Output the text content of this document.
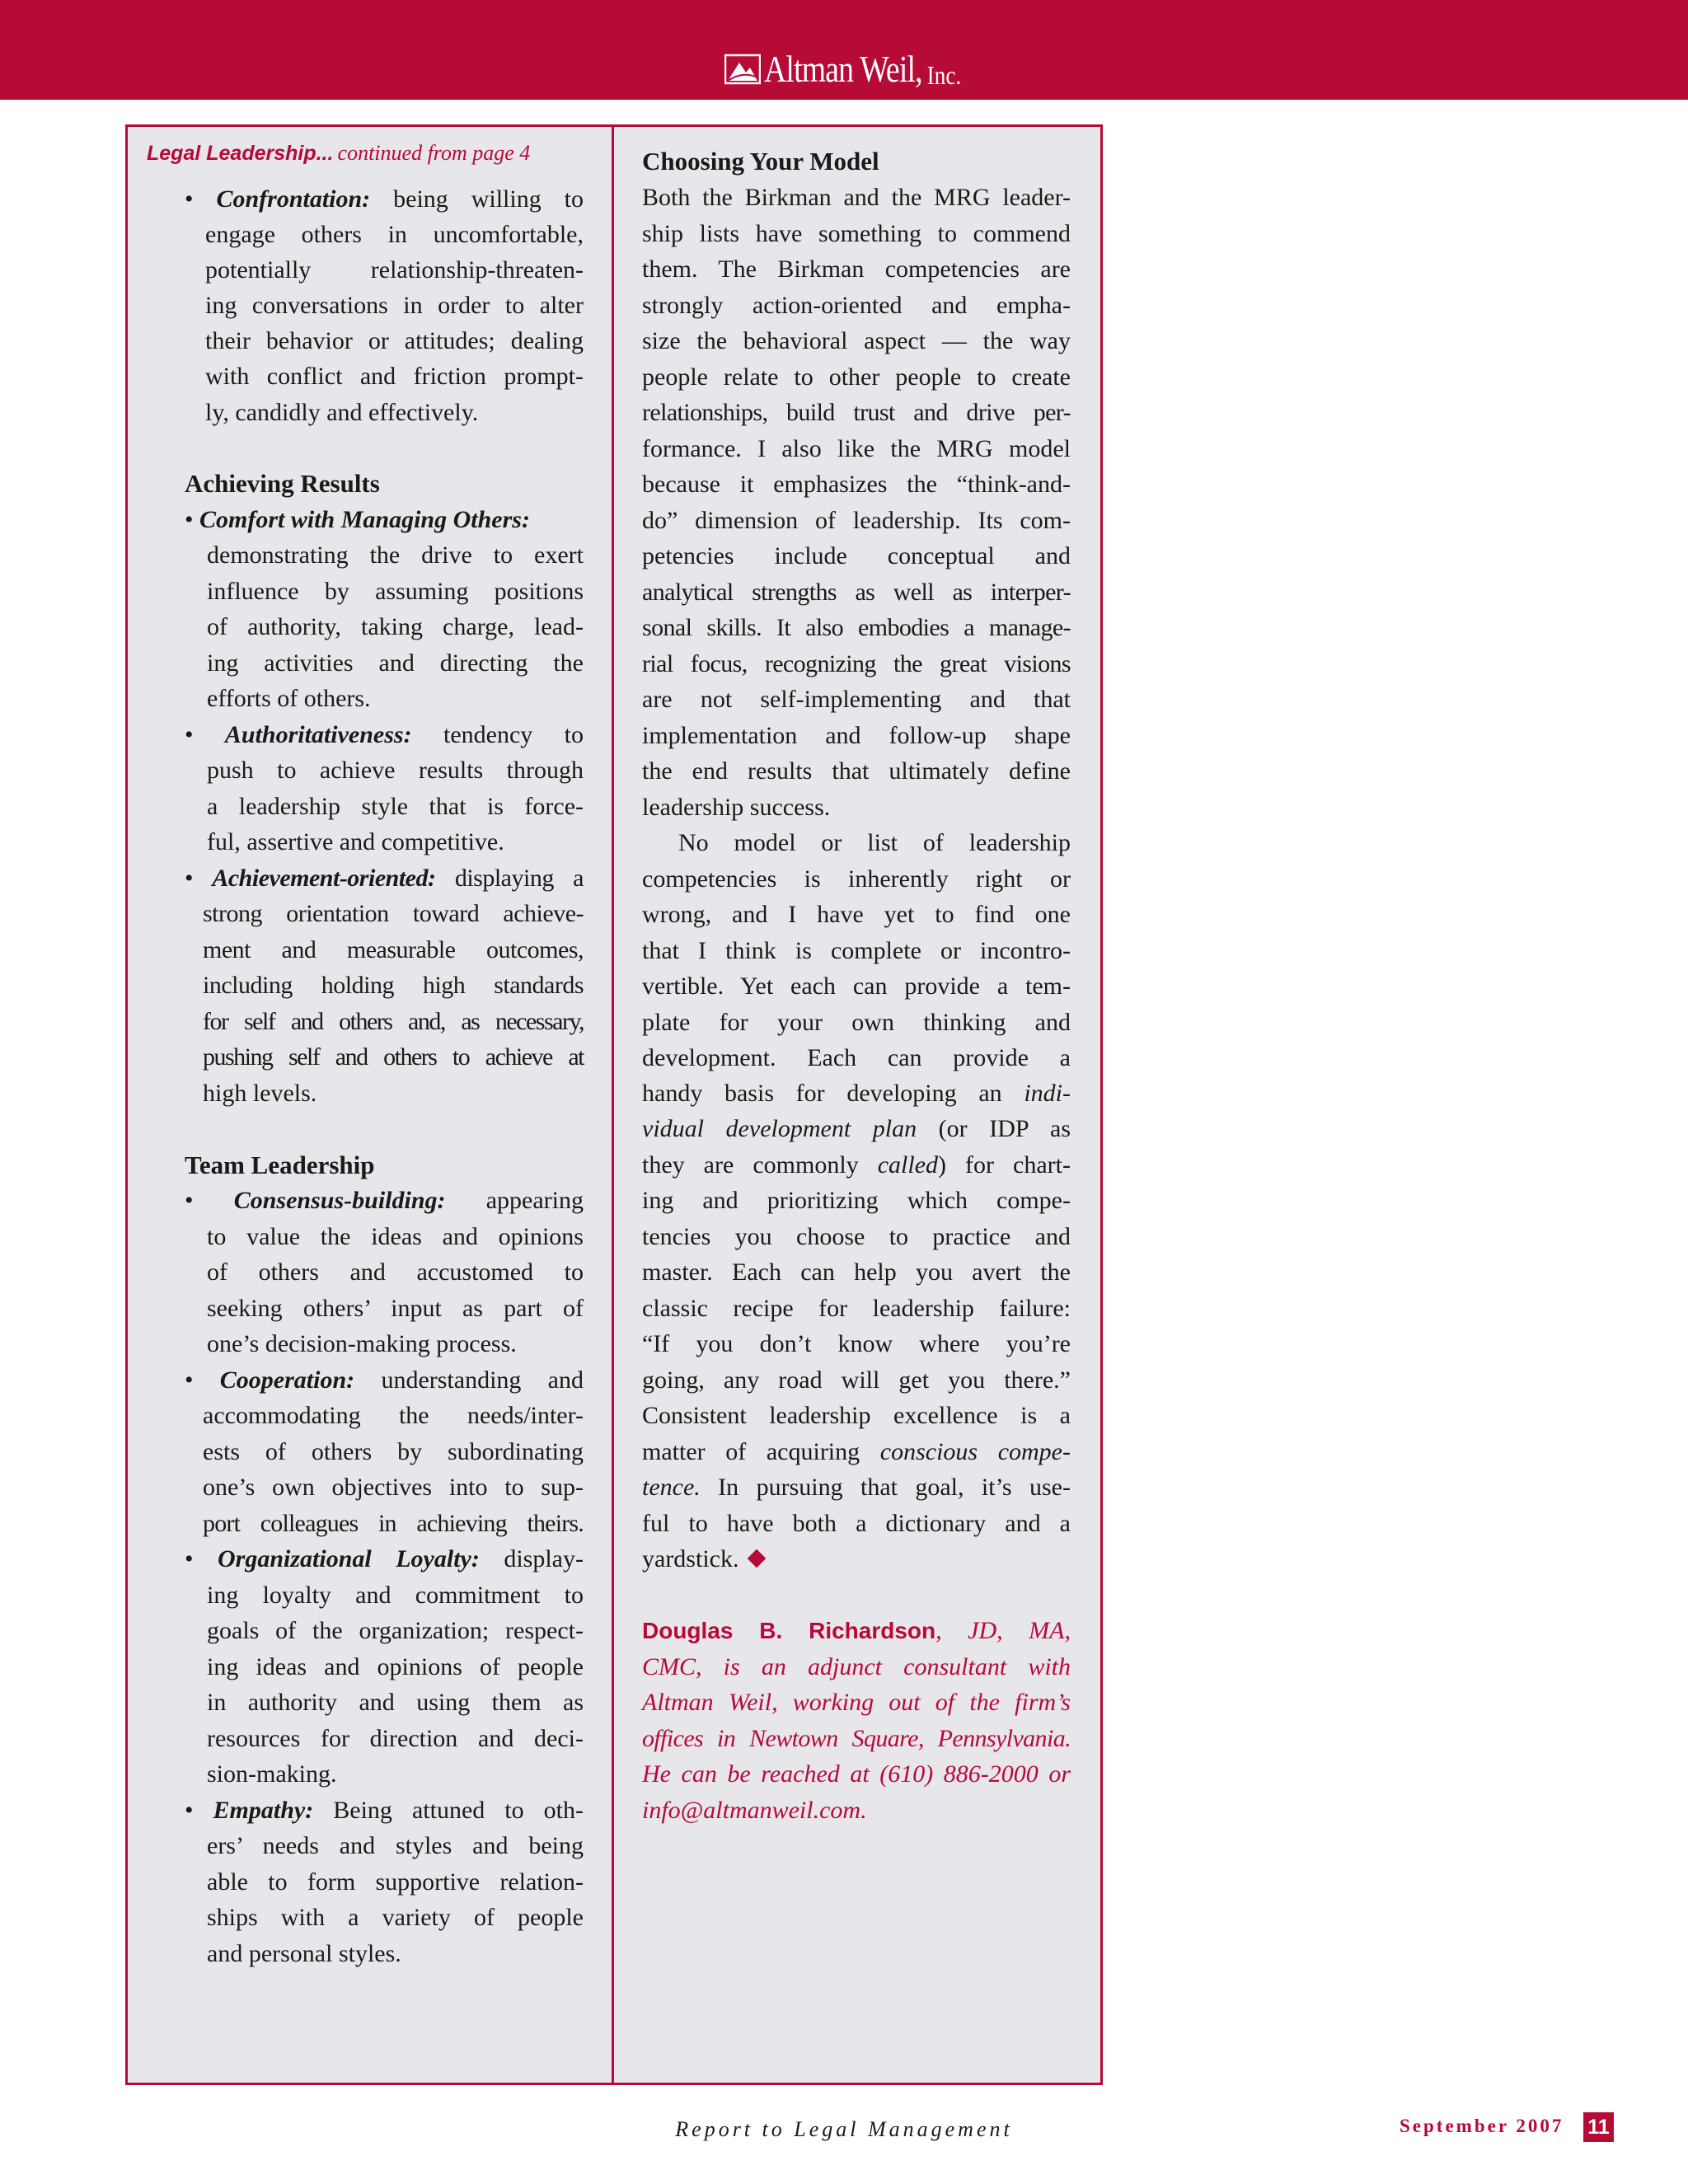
Altman Weil, Inc.
Legal Leadership... continued from page 4
• Confrontation: being willing to
engage others in uncomfortable,
potentially relationship-threaten-
ing conversations in order to alter
their behavior or attitudes; dealing
with conflict and friction prompt-
ly, candidly and effectively.
Achieving Results
• Comfort with Managing Others:
demonstrating the drive to exert
influence by assuming positions
of authority, taking charge, lead-
ing activities and directing the
efforts of others.
• Authoritativeness: tendency to
push to achieve results through
a leadership style that is force-
ful, assertive and competitive.
• Achievement-oriented: displaying a
strong orientation toward achieve-
ment and measurable outcomes,
including holding high standards
for self and others and, as necessary,
pushing self and others to achieve at
high levels.
Team Leadership
• Consensus-building: appearing
to value the ideas and opinions
of others and accustomed to
seeking others’ input as part of
one’s decision-making process.
• Cooperation: understanding and
accommodating the needs/inter-
ests of others by subordinating
one’s own objectives into to sup-
port colleagues in achieving theirs.
• Organizational Loyalty: display-
ing loyalty and commitment to
goals of the organization; respect-
ing ideas and opinions of people
in authority and using them as
resources for direction and deci-
sion-making.
• Empathy: Being attuned to oth-
ers’ needs and styles and being
able to form supportive relation-
ships with a variety of people
and personal styles.
Choosing Your Model
Both the Birkman and the MRG leader-
ship lists have something to commend
them. The Birkman competencies are
strongly action-oriented and empha-
size the behavioral aspect — the way
people relate to other people to create
relationships, build trust and drive per-
formance. I also like the MRG model
because it emphasizes the “think-and-
do” dimension of leadership. Its com-
petencies include conceptual and
analytical strengths as well as interper-
sonal skills. It also embodies a manage-
rial focus, recognizing the great visions
are not self-implementing and that
implementation and follow-up shape
the end results that ultimately define
leadership success.
No model or list of leadership
competencies is inherently right or
wrong, and I have yet to find one
that I think is complete or incontro-
vertible. Yet each can provide a tem-
plate for your own thinking and
development. Each can provide a
handy basis for developing an indi-
vidual development plan (or IDP as
they are commonly called) for chart-
ing and prioritizing which compe-
tencies you choose to practice and
master. Each can help you avert the
classic recipe for leadership failure:
“If you don’t know where you’re
going, any road will get you there.”
Consistent leadership excellence is a
matter of acquiring conscious compe-
tence. In pursuing that goal, it’s use-
ful to have both a dictionary and a
yardstick.
Douglas B. Richardson, JD, MA,
CMC, is an adjunct consultant with
Altman Weil, working out of the firm’s
offices in Newtown Square, Pennsylvania.
He can be reached at (610) 886-2000 or
info@altmanweil.com.
Report to Legal Management	September 2007 11
